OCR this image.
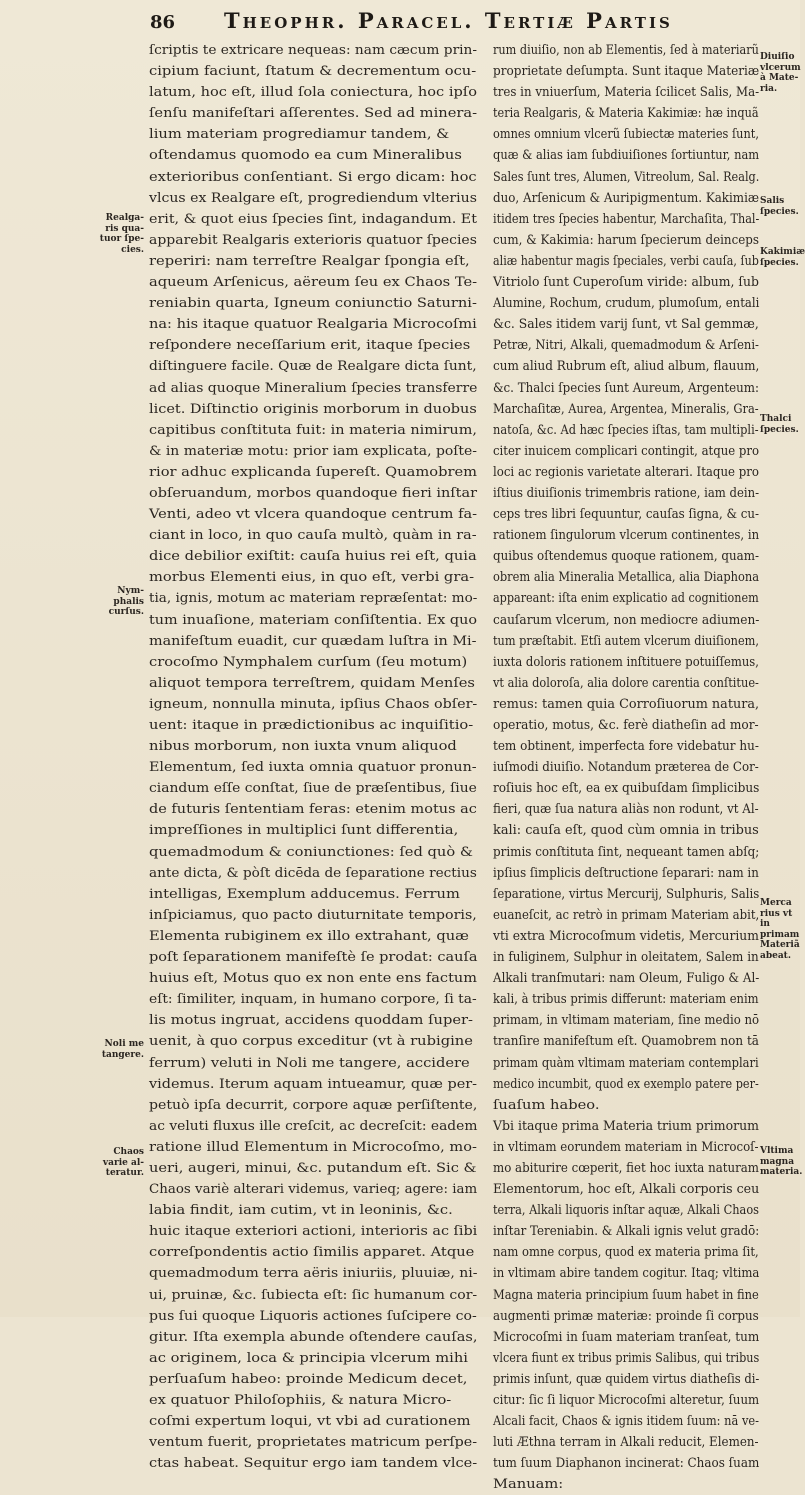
86 Theophr. Paracel. Tertiæ Partis
ſcriptis te extricare nequeas: nam cæcum prin-
cipium faciunt, ſtatum & decrementum ocu-
latum, hoc eſt, illud ſola coniectura, hoc ipſo
ſenſu manifeſtari aſſerentes. Sed ad minera-
lium materiam progrediamur tandem, &
oſtendamus quomodo ea cum Mineralibus
exterioribus conſentiant. Si ergo dicam: hoc
vlcus ex Realgare eſt, progrediendum vlterius
erit, & quot eius ſpecies ſint, indagandum. Et
apparebit Realgaris exterioris quatuor ſpecies
reperiri: nam terreſtre Realgar ſpongia eſt,
aqueum Arſenicus, aëreum ſeu ex Chaos Te-
reniabin quarta, Igneum coniunctio Saturni-
na: his itaque quatuor Realgaria Microcoſmi
reſpondere neceſſarium erit, itaque ſpecies
diſtinguere facile. Quæ de Realgare dicta ſunt,
ad alias quoque Mineralium ſpecies transferre
licet. Diſtinctio originis morborum in duobus
capitibus conſtituta fuit: in materia nimirum,
& in materiæ motu: prior iam explicata, poſte-
rior adhuc explicanda ſupereſt. Quamobrem
obſeruandum, morbos quandoque fieri inſtar
Venti, adeo vt vlcera quandoque centrum fa-
ciant in loco, in quo cauſa multò, quàm in ra-
dice debilior exiſtit: cauſa huius rei eſt, quia
morbus Elementi eius, in quo eſt, verbi gra-
tia, ignis, motum ac materiam repræſentat: mo-
tum inuaſione, materiam conſiſtentia. Ex quo
manifeſtum euadit, cur quædam luſtra in Mi-
crocoſmo Nymphalem curſum (ſeu motum)
aliquot tempora terreſtrem, quidam Menſes
igneum, nonnulla minuta, ipſius Chaos obſer-
uent: itaque in prædictionibus ac inquiſitio-
nibus morborum, non iuxta vnum aliquod
Elementum, ſed iuxta omnia quatuor pronun-
ciandum eſſe conſtat, ſiue de præſentibus, ſiue
de futuris ſententiam feras: etenim motus ac
impreſſiones in multiplici ſunt differentia,
quemadmodum & coniunctiones: ſed quò &
ante dicta, & pòſt dicēda de ſeparatione rectius
intelligas, Exemplum adducemus. Ferrum
inſpiciamus, quo pacto diuturnitate temporis,
Elementa rubiginem ex illo extrahant, quæ
poſt ſeparationem manifeſtè ſe prodat: cauſa
huius eſt, Motus quo ex non ente ens factum
eſt: ſimiliter, inquam, in humano corpore, ſi ta-
lis motus ingruat, accidens quoddam ſuper-
uenit, à quo corpus exceditur (vt à rubigine
ferrum) veluti in Noli me tangere, accidere
videmus. Iterum aquam intueamur, quæ per-
petuò ipſa decurrit, corpore aquæ perſiſtente,
ac veluti fluxus ille creſcit, ac decreſcit: eadem
ratione illud Elementum in Microcoſmo, mo-
ueri, augeri, minui, &c. putandum eſt. Sic &
Chaos variè alterari videmus, varieq; agere: iam
labia findit, iam cutim, vt in leoninis, &c.
huic itaque exteriori actioni, interioris ac ſibi
correſpondentis actio ſimilis apparet. Atque
quemadmodum terra aëris iniuriis, pluuiæ, ni-
ui, pruinæ, &c. ſubiecta eſt: ſic humanum cor-
pus ſui quoque Liquoris actiones ſuſcipere co-
gitur. Iſta exempla abunde oſtendere cauſas,
ac originem, loca & principia vlcerum mihi
perſuaſum habeo: proinde Medicum decet,
ex quatuor Philoſophiis, & natura Micro-
coſmi expertum loqui, vt vbi ad curationem
ventum fuerit, proprietates matricum perſpe-
ctas habeat. Sequitur ergo iam tandem vlce-
rum diuiſio, non ab Elementis, ſed à materiarũ
proprietate deſumpta. Sunt itaque Materiæ
tres in vniuerſum, Materia ſcilicet Salis, Ma-
teria Realgaris, & Materia Kakimiæ: hæ inquã
omnes omnium vlcerũ ſubiectæ materies ſunt,
quæ & alias iam ſubdiuiſiones ſortiuntur, nam
Sales ſunt tres, Alumen, Vitreolum, Sal. Realg.
duo, Arſenicum & Auripigmentum. Kakimiæ
itidem tres ſpecies habentur, Marchaſita, Thal-
cum, & Kakimia: harum ſpecierum deinceps
aliæ habentur magis ſpeciales, verbi cauſa, ſub
Vitriolo ſunt Cuperoſum viride: album, ſub
Alumine, Rochum, crudum, plumoſum, entali
&c. Sales itidem varij ſunt, vt Sal gemmæ,
Petræ, Nitri, Alkali, quemadmodum & Arſeni-
cum aliud Rubrum eſt, aliud album, flauum,
&c. Thalci ſpecies ſunt Aureum, Argenteum:
Marchaſitæ, Aurea, Argentea, Mineralis, Gra-
natoſa, &c. Ad hæc ſpecies iſtas, tam multipli-
citer inuicem complicari contingit, atque pro
loci ac regionis varietate alterari. Itaque pro
iſtius diuiſionis trimembris ratione, iam dein-
ceps tres libri ſequuntur, cauſas ſigna, & cu-
rationem ſingulorum vlcerum continentes, in
quibus oſtendemus quoque rationem, quam-
obrem alia Mineralia Metallica, alia Diaphona
appareant: iſta enim explicatio ad cognitionem
cauſarum vlcerum, non mediocre adiumen-
tum præſtabit. Etſi autem vlcerum diuiſionem,
iuxta doloris rationem inſtituere potuiſſemus,
vt alia doloroſa, alia dolore carentia conſtitue-
remus: tamen quia Corroſiuorum natura,
operatio, motus, &c. ferè diatheſin ad mor-
tem obtinent, imperfecta fore videbatur hu-
iuſmodi diuiſio. Notandum præterea de Cor-
roſiuis hoc eſt, ea ex quibuſdam ſimplicibus
fieri, quæ ſua natura aliàs non rodunt, vt Al-
kali: cauſa eſt, quod cùm omnia in tribus
primis conſtituta ſint, nequeant tamen abſq;
ipſius ſimplicis deſtructione ſeparari: nam in
ſeparatione, virtus Mercurij, Sulphuris, Salis
euaneſcit, ac retrò in primam Materiam abit,
vti extra Microcoſmum videtis, Mercurium
in fuliginem, Sulphur in oleitatem, Salem in
Alkali tranſmutari: nam Oleum, Fuligo & Al-
kali, à tribus primis differunt: materiam enim
primam, in vltimam materiam, ſine medio nō
tranſire manifeſtum eſt. Quamobrem non tā
primam quàm vltimam materiam contemplari
medico incumbit, quod ex exemplo patere per-
ſuaſum habeo.
Vbi itaque prima Materia trium primorum
in vltimam eorundem materiam in Microcoſ-
mo abiturire cœperit, fiet hoc iuxta naturam
Elementorum, hoc eſt, Alkali corporis ceu
terra, Alkali liquoris inſtar aquæ, Alkali Chaos
inſtar Tereniabin. & Alkali ignis velut gradō:
nam omne corpus, quod ex materia prima ſit,
in vltimam abire tandem cogitur. Itaq; vltima
Magna materia principium ſuum habet in fine
augmenti primæ materiæ: proinde ſi corpus
Microcoſmi in ſuam materiam tranſeat, tum
vlcera fiunt ex tribus primis Salibus, qui tribus
primis inſunt, quæ quidem virtus diatheſis di-
citur: ſic ſi liquor Microcoſmi alteretur, ſuum
Alcali facit, Chaos & ignis itidem ſuum: nā ve-
luti Æthna terram in Alkali reducit, Elemen-
tum ſuum Diaphanon incinerat: Chaos ſuam
Manuam:
Realga-
ris qua-
tuor ſpe-
cies.
Nym-
phalis
curſus.
Noli me
tangere.
Chaos
varie al-
teratur.
Diuiſio
vlcerum
à Mate-
ria.
Salis
ſpecies.
Kakimiæ
ſpecies.
Thalci
ſpecies.
Merca
rius vt in
primam
Materiã
abeat.
Vltima
magna
materia.
